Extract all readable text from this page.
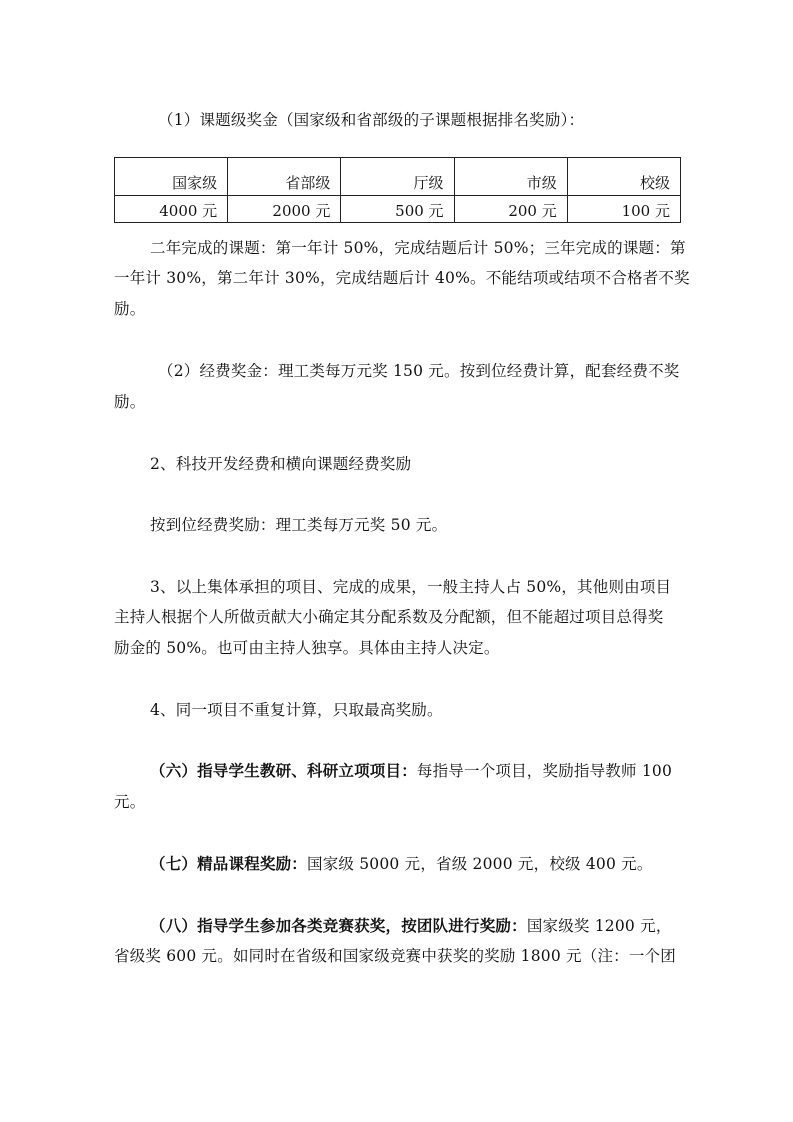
（1）课题级奖金（国家级和省部级的子课题根据排名奖励）：
国家级	省部级	厅级	市级	校级
4000 元	2000 元	500 元	200 元	100 元
二年完成的课题：第一年计 50%，完成结题后计 50%；三年完成的课题：第
一年计 30%，第二年计 30%，完成结题后计 40%。不能结项或结项不合格者不奖
励。
（2）经费奖金：理工类每万元奖 150 元。按到位经费计算，配套经费不奖
励。
2、科技开发经费和横向课题经费奖励
按到位经费奖励：理工类每万元奖 50 元。
3、以上集体承担的项目、完成的成果，一般主持人占 50%，其他则由项目
主持人根据个人所做贡献大小确定其分配系数及分配额，但不能超过项目总得奖
励金的 50%。也可由主持人独享。具体由主持人决定。
4、同一项目不重复计算，只取最高奖励。
（六）指导学生教研、科研立项项目：每指导一个项目，奖励指导教师 100
元。
（七）精品课程奖励：国家级 5000 元，省级 2000 元，校级 400 元。
（八）指导学生参加各类竞赛获奖，按团队进行奖励：国家级奖 1200 元，
省级奖 600 元。如同时在省级和国家级竞赛中获奖的奖励 1800 元（注：一个团
